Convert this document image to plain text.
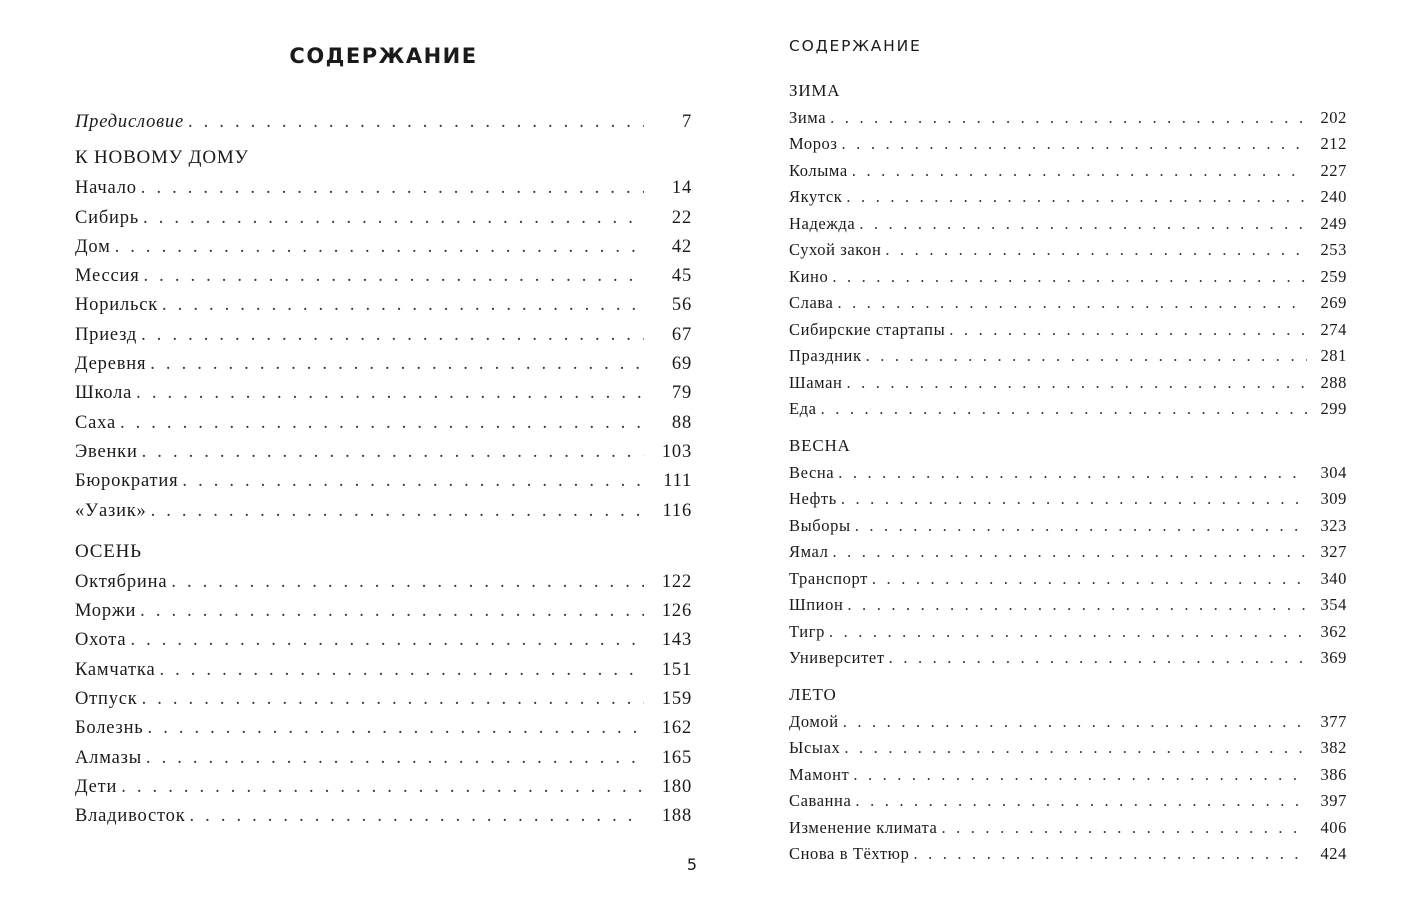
СОДЕРЖАНИЕ
Предисловие . . .	7
К НОВОМУ ДОМУ
Начало . . .	14
Сибирь . . .	22
Дом . . .	42
Мессия . . .	45
Норильск . . .	56
Приезд . . .	67
Деревня . . .	69
Школа . . .	79
Саха . . .	88
Эвенки . . .	103
Бюрократия . . .	111
«Уазик» . . .	116
ОСЕНЬ
Октябрина . . .	122
Моржи . . .	126
Охота . . .	143
Камчатка . . .	151
Отпуск . . .	159
Болезнь . . .	162
Алмазы . . .	165
Дети . . .	180
Владивосток . . .	188
5
СОДЕРЖАНИЕ
ЗИМА
Зима . . .	202
Мороз . . .	212
Колыма . . .	227
Якутск . . .	240
Надежда . . .	249
Сухой закон . . .	253
Кино . . .	259
Слава . . .	269
Сибирские стартапы . . .	274
Праздник . . .	281
Шаман . . .	288
Еда . . .	299
ВЕСНА
Весна . . .	304
Нефть . . .	309
Выборы . . .	323
Ямал . . .	327
Транспорт . . .	340
Шпион . . .	354
Тигр . . .	362
Университет . . .	369
ЛЕТО
Домой . . .	377
Ысыах . . .	382
Мамонт . . .	386
Саванна . . .	397
Изменение климата . . .	406
Снова в Тёхтюр . . .	424
